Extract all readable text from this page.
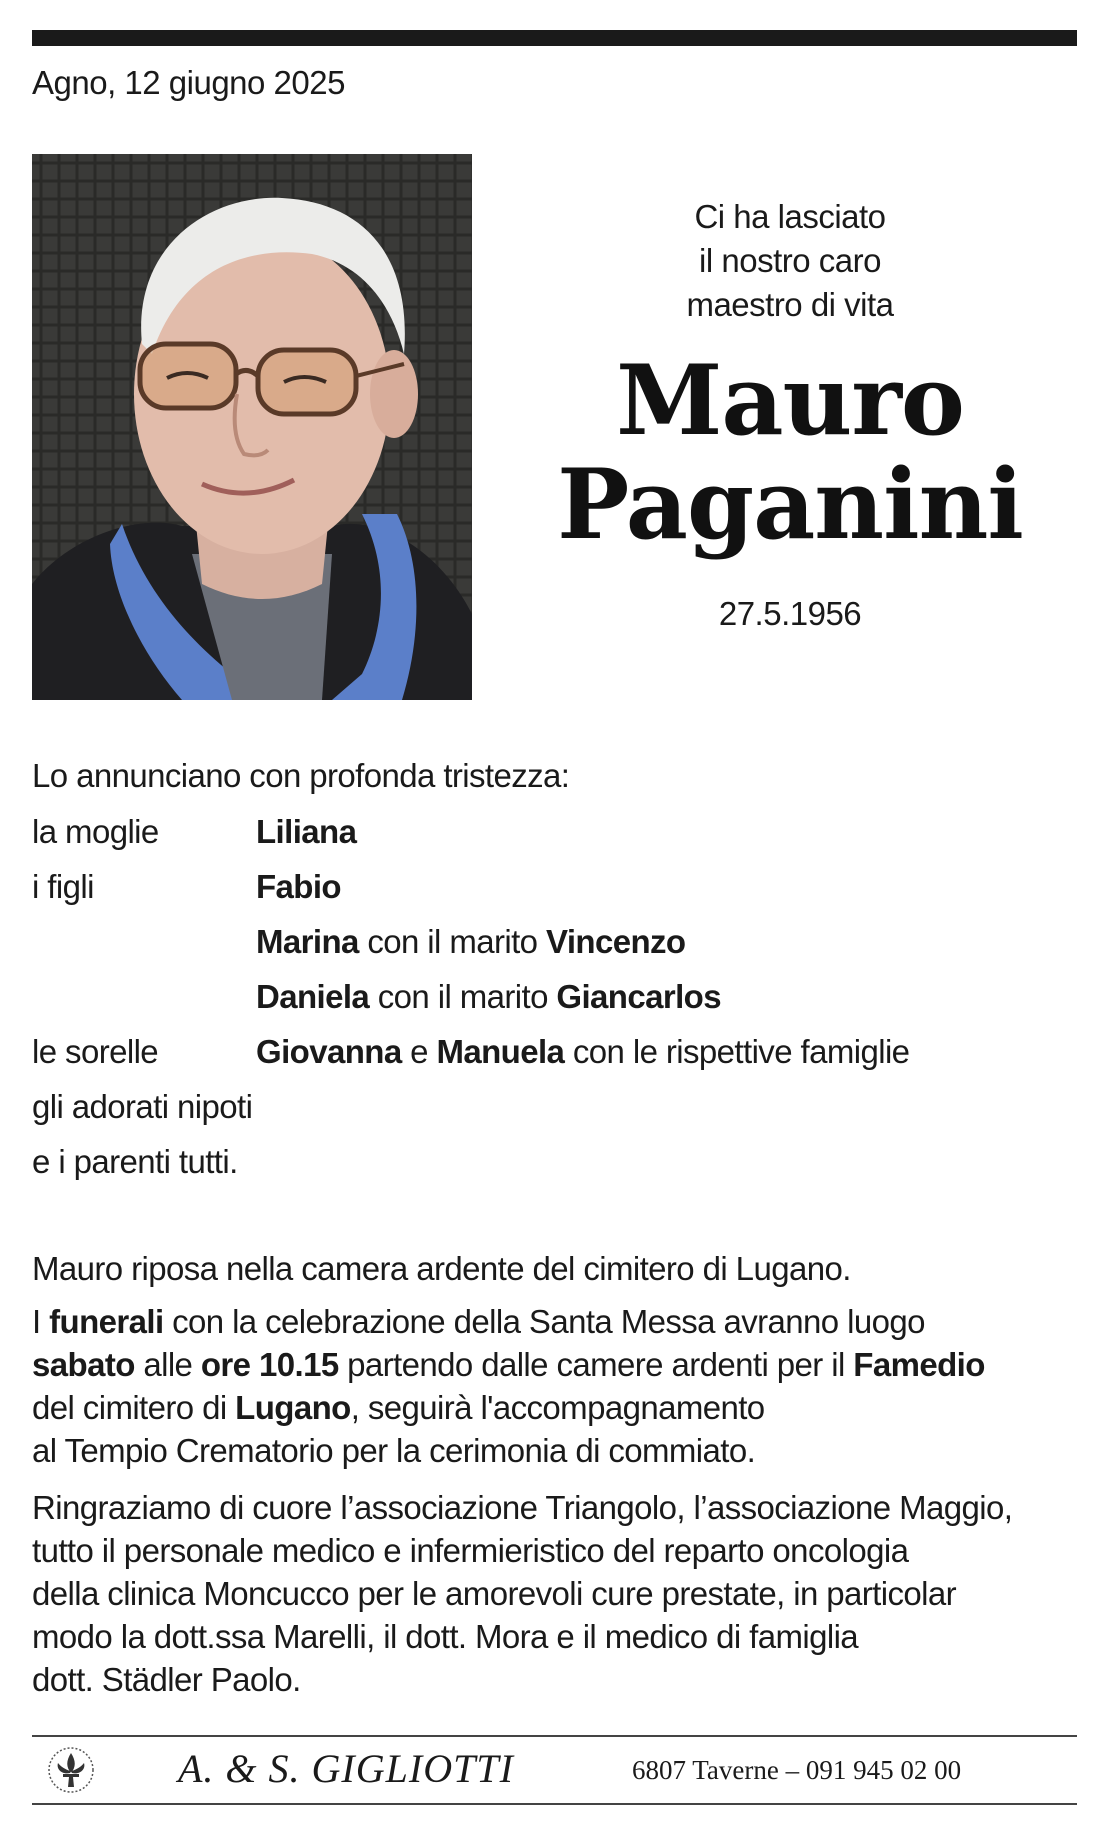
Agno, 12 giugno 2025
Ci ha lasciato
il nostro caro
maestro di vita
Mauro
Paganini
27.5.1956
Lo annunciano con profonda tristezza:
la moglie	Liliana
i figli	Fabio
Marina con il marito Vincenzo
Daniela con il marito Giancarlos
le sorelle	Giovanna e Manuela con le rispettive famiglie
gli adorati nipoti
e i parenti tutti.

Mauro riposa nella camera ardente del cimitero di Lugano.

I funerali con la celebrazione della Santa Messa avranno luogo
sabato alle ore 10.15 partendo dalle camere ardenti per il Famedio
del cimitero di Lugano, seguirà l'accompagnamento
al Tempio Crematorio per la cerimonia di commiato.

Ringraziamo di cuore l’associazione Triangolo, l’associazione Maggio,
tutto il personale medico e infermieristico del reparto oncologia
della clinica Moncucco per le amorevoli cure prestate, in particolar
modo la dott.ssa Marelli, il dott. Mora e il medico di famiglia
dott. Städler Paolo.

A. & S. GIGLIOTTI	6807 Taverne – 091 945 02 00
